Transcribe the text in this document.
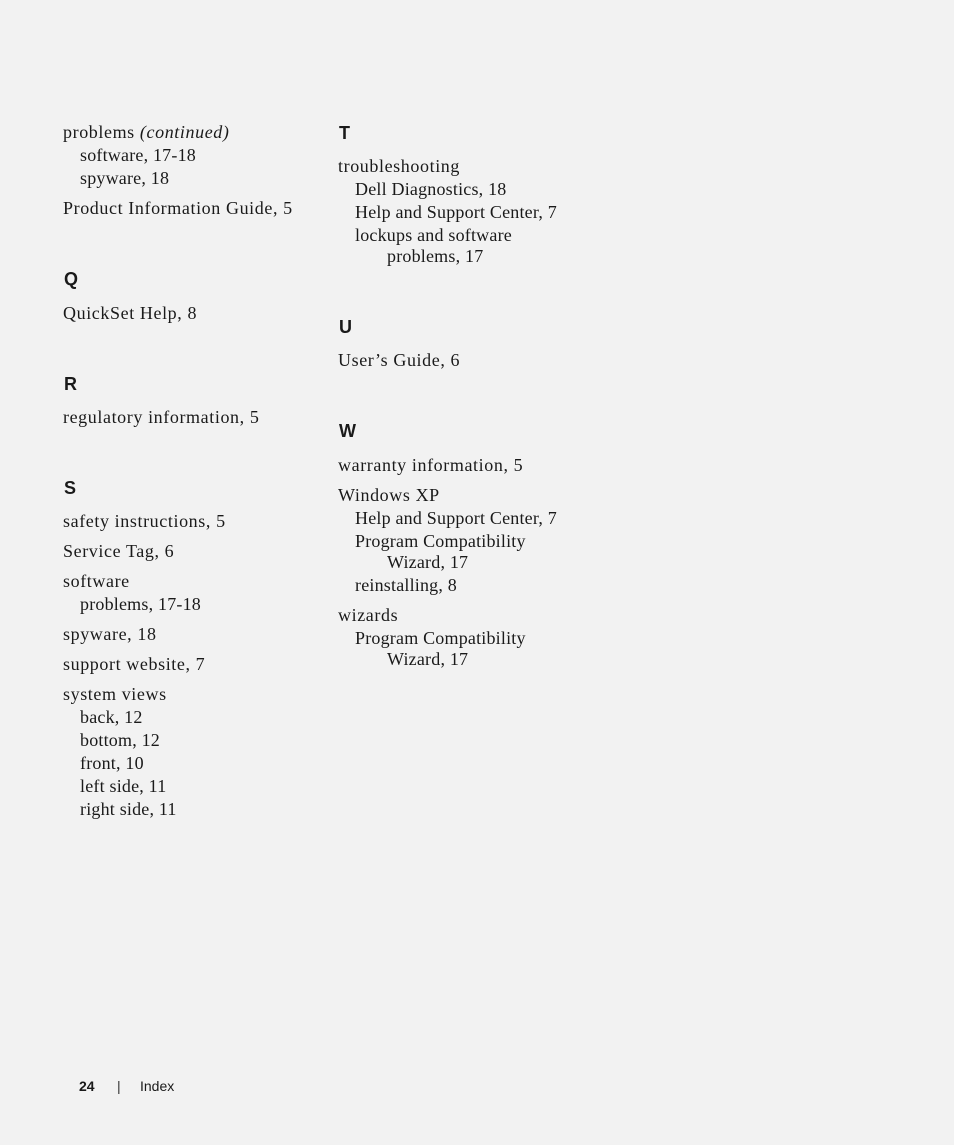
problems (continued)
software, 17-18
spyware, 18
Product Information Guide, 5
Q
QuickSet Help, 8
R
regulatory information, 5
S
safety instructions, 5
Service Tag, 6
software
problems, 17-18
spyware, 18
support website, 7
system views
back, 12
bottom, 12
front, 10
left side, 11
right side, 11
T
troubleshooting
Dell Diagnostics, 18
Help and Support Center, 7
lockups and software
problems, 17
U
User’s Guide, 6
W
warranty information, 5
Windows XP
Help and Support Center, 7
Program Compatibility
Wizard, 17
reinstalling, 8
wizards
Program Compatibility
Wizard, 17
24 | Index
